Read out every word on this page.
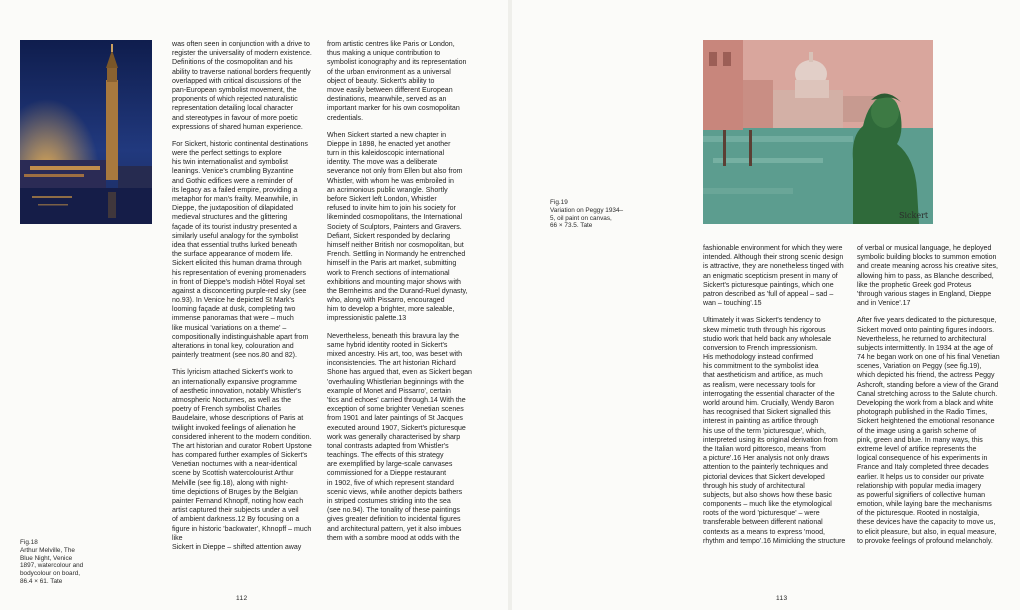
Fig.18
Arthur Melville, The
Blue Night, Venice
1897, watercolour and
bodycolour on board,
86.4 × 61. Tate

was often seen in conjunction with a drive to
register the universality of modern existence.
Definitions of the cosmopolitan and his
ability to traverse national borders frequently
overlapped with critical discussions of the
pan-European symbolist movement, the
proponents of which rejected naturalistic
representation detailing local character
and stereotypes in favour of more poetic
expressions of shared human experience.

For Sickert, historic continental destinations
were the perfect settings to explore
his twin internationalist and symbolist
leanings. Venice's crumbling Byzantine
and Gothic edifices were a reminder of
its legacy as a failed empire, providing a
metaphor for man's frailty. Meanwhile, in
Dieppe, the juxtaposition of dilapidated
medieval structures and the glittering
façade of its tourist industry presented a
similarly useful analogy for the symbolist
idea that essential truths lurked beneath
the surface appearance of modern life.
Sickert elicited this human drama through
his representation of evening promenaders
in front of Dieppe's modish Hôtel Royal set
against a disconcerting purple-red sky (see
no.93). In Venice he depicted St Mark's
looming façade at dusk, completing two
immense panoramas that were – much
like musical 'variations on a theme' –
compositionally indistinguishable apart from
alterations in tonal key, colouration and
painterly treatment (see nos.80 and 82).

This lyricism attached Sickert's work to
an internationally expansive programme
of aesthetic innovation, notably Whistler's
atmospheric Nocturnes, as well as the
poetry of French symbolist Charles
Baudelaire, whose descriptions of Paris at
twilight invoked feelings of alienation he
considered inherent to the modern condition.
The art historian and curator Robert Upstone
has compared further examples of Sickert's
Venetian nocturnes with a near-identical
scene by Scottish watercolourist Arthur
Melville (see fig.18), along with night-
time depictions of Bruges by the Belgian
painter Fernand Khnopff, noting how each
artist captured their subjects under a veil
of ambient darkness.12 By focusing on a
figure in historic 'backwater', Khnopff – much like
Sickert in Dieppe – shifted attention away

from artistic centres like Paris or London,
thus making a unique contribution to
symbolist iconography and its representation
of the urban environment as a universal
object of beauty. Sickert's ability to
move easily between different European
destinations, meanwhile, served as an
important marker for his own cosmopolitan
credentials.

When Sickert started a new chapter in
Dieppe in 1898, he enacted yet another
turn in this kaleidoscopic international
identity. The move was a deliberate
severance not only from Ellen but also from
Whistler, with whom he was embroiled in
an acrimonious public wrangle. Shortly
before Sickert left London, Whistler
refused to invite him to join his society for
likeminded cosmopolitans, the International
Society of Sculptors, Painters and Gravers.
Defiant, Sickert responded by declaring
himself neither British nor cosmopolitan, but
French. Settling in Normandy he entrenched
himself in the Paris art market, submitting
work to French sections of international
exhibitions and mounting major shows with
the Bernheims and the Durand-Ruel dynasty,
who, along with Pissarro, encouraged
him to develop a brighter, more saleable,
impressionistic palette.13

Nevertheless, beneath this bravura lay the
same hybrid identity rooted in Sickert's
mixed ancestry. His art, too, was beset with
inconsistencies. The art historian Richard
Shone has argued that, even as Sickert began
'overhauling Whistlerian beginnings with the
example of Monet and Pissarro', certain
'tics and echoes' carried through.14 With the
exception of some brighter Venetian scenes
from 1901 and later paintings of St Jacques
executed around 1907, Sickert's picturesque
work was generally characterised by sharp
tonal contrasts adapted from Whistler's
teachings. The effects of this strategy
are exemplified by large-scale canvases
commissioned for a Dieppe restaurant
in 1902, five of which represent standard
scenic views, while another depicts bathers
in striped costumes striding into the sea
(see no.94). The tonality of these paintings
gives greater definition to incidental figures
and architectural pattern, yet it also imbues
them with a sombre mood at odds with the

112
Fig.19
Variation on Peggy 1934–
5, oil paint on canvas,
66 × 73.5. Tate
Sickert

fashionable environment for which they were
intended. Although their strong scenic design
is attractive, they are nonetheless tinged with
an enigmatic scepticism present in many of
Sickert's picturesque paintings, which one
patron described as 'full of appeal – sad –
wan – touching'.15

Ultimately it was Sickert's tendency to
skew mimetic truth through his rigorous
studio work that held back any wholesale
conversion to French impressionism.
His methodology instead confirmed
his commitment to the symbolist idea
that aestheticism and artifice, as much
as realism, were necessary tools for
interrogating the essential character of the
world around him. Crucially, Wendy Baron
has recognised that Sickert signalled this
interest in painting as artifice through
his use of the term 'picturesque', which,
interpreted using its original derivation from
the Italian word pittoresco, means 'from
a picture'.16 Her analysis not only draws
attention to the painterly techniques and
pictorial devices that Sickert developed
through his study of architectural
subjects, but also shows how these basic
components – much like the etymological
roots of the word 'picturesque' – were
transferable between different national
contexts as a means to express 'mood,
rhythm and tempo'.16 Mimicking the structure

of verbal or musical language, he deployed
symbolic building blocks to summon emotion
and create meaning across his creative sites,
allowing him to pass, as Blanche described,
like the prophetic Greek god Proteus
'through various stages in England, Dieppe
and in Venice'.17

After five years dedicated to the picturesque,
Sickert moved onto painting figures indoors.
Nevertheless, he returned to architectural
subjects intermittently. In 1934 at the age of
74 he began work on one of his final Venetian
scenes, Variation on Peggy (see fig.19),
which depicted his friend, the actress Peggy
Ashcroft, standing before a view of the Grand
Canal stretching across to the Salute church.
Developing the work from a black and white
photograph published in the Radio Times,
Sickert heightened the emotional resonance
of the image using a garish scheme of
pink, green and blue. In many ways, this
extreme level of artifice represents the
logical consequence of his experiments in
France and Italy completed three decades
earlier. It helps us to consider our private
relationship with popular media imagery
as powerful signifiers of collective human
emotion, while laying bare the mechanisms
of the picturesque. Rooted in nostalgia,
these devices have the capacity to move us,
to elicit pleasure, but also, in equal measure,
to provoke feelings of profound melancholy.

113
